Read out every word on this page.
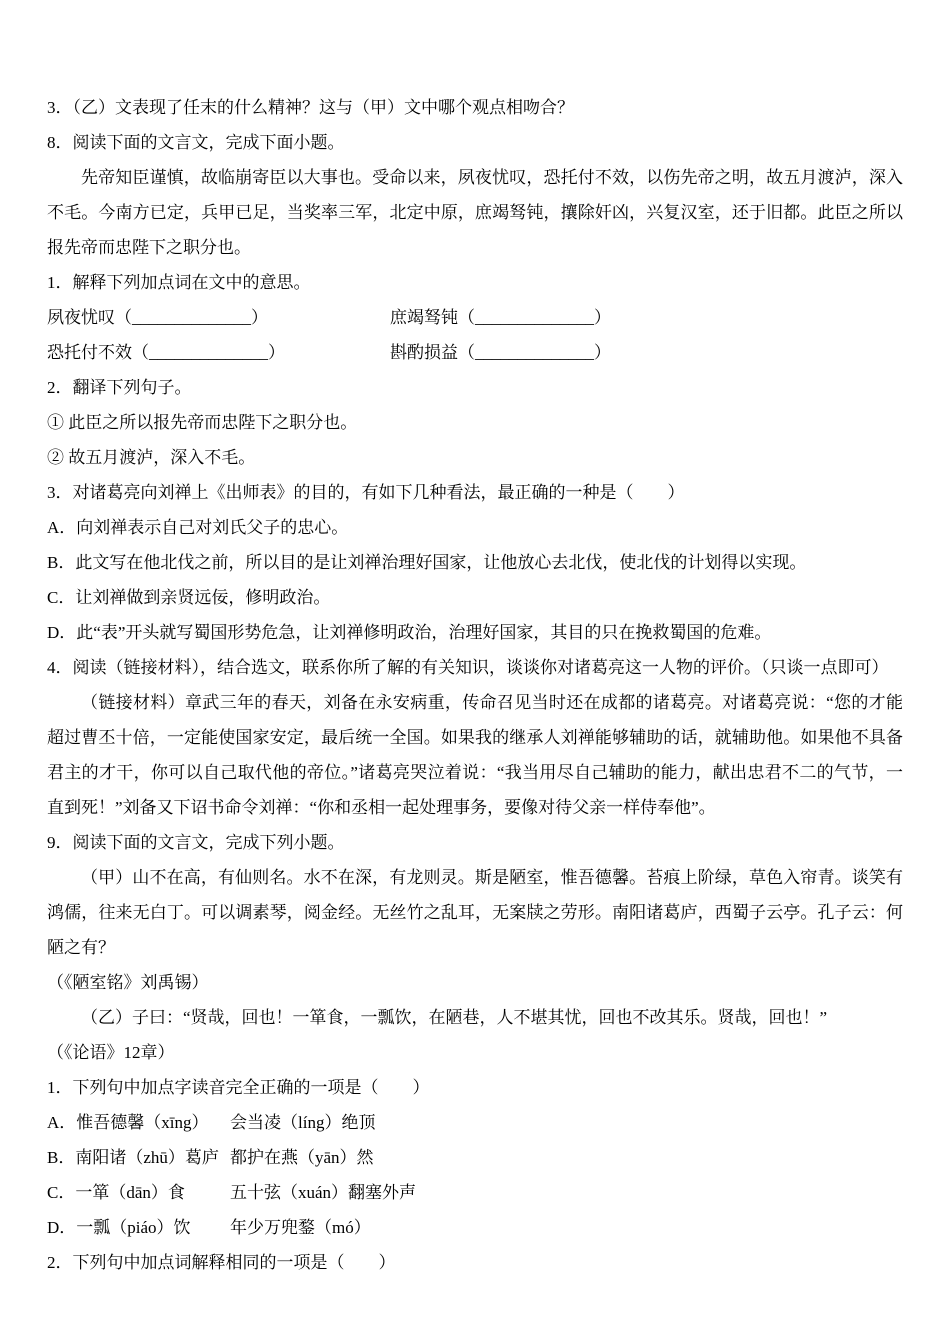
3．（乙）文表现了任末的什么精神？这与（甲）文中哪个观点相吻合？
8．阅读下面的文言文，完成下面小题。
先帝知臣谨慎，故临崩寄臣以大事也。受命以来，夙夜忧叹，恐托付不效，以伤先帝之明，故五月渡泸，深入不毛。今南方已定，兵甲已足，当奖率三军，北定中原，庶竭驽钝，攘除奸凶，兴复汉室，还于旧都。此臣之所以报先帝而忠陛下之职分也。
1．解释下列加点词在文中的意思。
夙夜忧叹（______________）	庶竭驽钝（______________）
恐托付不效（______________）	斟酌损益（______________）
2．翻译下列句子。
① 此臣之所以报先帝而忠陛下之职分也。
② 故五月渡泸，深入不毛。
3．对诸葛亮向刘禅上《出师表》的目的，有如下几种看法，最正确的一种是（　　）
A．向刘禅表示自己对刘氏父子的忠心。
B．此文写在他北伐之前，所以目的是让刘禅治理好国家，让他放心去北伐，使北伐的计划得以实现。
C．让刘禅做到亲贤远佞，修明政治。
D．此“表”开头就写蜀国形势危急，让刘禅修明政治，治理好国家，其目的只在挽救蜀国的危难。
4．阅读（链接材料），结合选文，联系你所了解的有关知识，谈谈你对诸葛亮这一人物的评价。（只谈一点即可）
（链接材料）章武三年的春天，刘备在永安病重，传命召见当时还在成都的诸葛亮。对诸葛亮说：“您的才能超过曹丕十倍，一定能使国家安定，最后统一全国。如果我的继承人刘禅能够辅助的话，就辅助他。如果他不具备君主的才干，你可以自己取代他的帝位。”诸葛亮哭泣着说：“我当用尽自己辅助的能力，献出忠君不二的气节，一直到死！”刘备又下诏书命令刘禅：“你和丞相一起处理事务，要像对待父亲一样侍奉他”。
9．阅读下面的文言文，完成下列小题。
（甲）山不在高，有仙则名。水不在深，有龙则灵。斯是陋室，惟吾德馨。苔痕上阶绿，草色入帘青。谈笑有鸿儒，往来无白丁。可以调素琴，阅金经。无丝竹之乱耳，无案牍之劳形。南阳诸葛庐，西蜀子云亭。孔子云：何陋之有？
（《陋室铭》刘禹锡）
（乙）子曰：“贤哉，回也！一箪食，一瓢饮，在陋巷，人不堪其忧，回也不改其乐。贤哉，回也！”
（《论语》12章）
1．下列句中加点字读音完全正确的一项是（　　）
A．惟吾德馨（xīng） 会当凌（líng）绝顶
B．南阳诸（zhū）葛庐 都护在燕（yān）然
C．一箪（dān）食	五十弦（xuán）翻塞外声
D．一瓢（piáo）饮 年少万兜鍪（mó）
2．下列句中加点词解释相同的一项是（　　）
